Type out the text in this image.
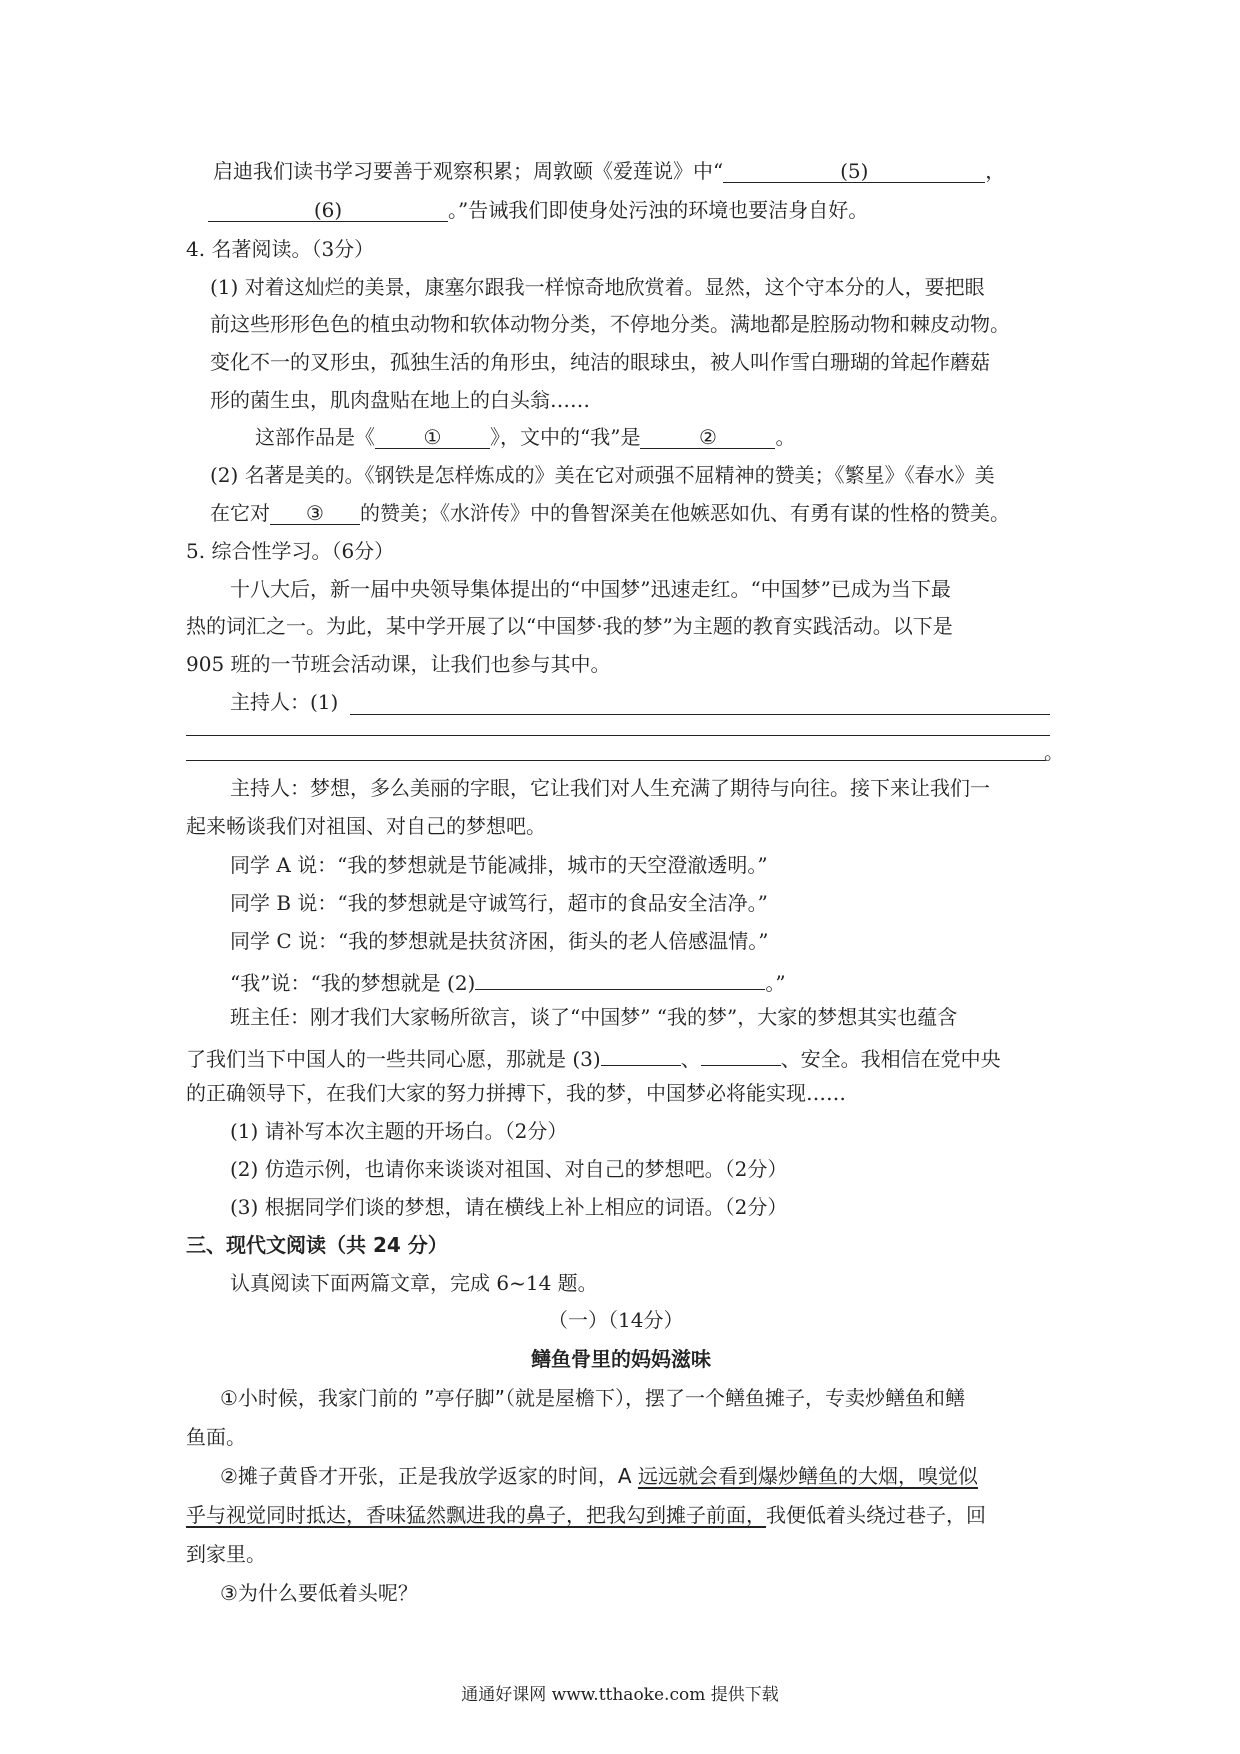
启迪我们读书学习要善于观察积累；周敦颐《爱莲说》中“	(5)	，
(6)	。”告诫我们即使身处污浊的环境也要洁身自好。
4. 名著阅读。（3分）
(1) 对着这灿烂的美景，康塞尔跟我一样惊奇地欣赏着。显然，这个守本分的人，要把眼
前这些形形色色的植虫动物和软体动物分类，不停地分类。满地都是腔肠动物和棘皮动物。
变化不一的叉形虫，孤独生活的角形虫，纯洁的眼球虫，被人叫作雪白珊瑚的耸起作蘑菇
形的菌生虫，肌肉盘贴在地上的白头翁……
这部作品是《 ① 》，文中的“我”是	②	。
(2) 名著是美的。《钢铁是怎样炼成的》美在它对顽强不屈精神的赞美；《繁星》《春水》美
在它对 ③ 的赞美；《水浒传》中的鲁智深美在他嫉恶如仇、有勇有谋的性格的赞美。
5. 综合性学习。（6分）
十八大后，新一届中央领导集体提出的“中国梦”迅速走红。“中国梦”已成为当下最
热的词汇之一。为此，某中学开展了以“中国梦·我的梦”为主题的教育实践活动。以下是
905 班的一节班会活动课，让我们也参与其中。
主持人：(1)
。
主持人：梦想，多么美丽的字眼，它让我们对人生充满了期待与向往。接下来让我们一
起来畅谈我们对祖国、对自己的梦想吧。
同学 A 说：“我的梦想就是节能减排，城市的天空澄澈透明。”
同学 B 说：“我的梦想就是守诚笃行，超市的食品安全洁净。”
同学 C 说：“我的梦想就是扶贫济困，街头的老人倍感温情。”
“我”说：“我的梦想就是 (2)	。”
班主任：刚才我们大家畅所欲言，谈了“中国梦” “我的梦”，大家的梦想其实也蕴含
了我们当下中国人的一些共同心愿，那就是 (3)	、	、安全。我相信在党中央
的正确领导下，在我们大家的努力拼搏下，我的梦，中国梦必将能实现……
(1) 请补写本次主题的开场白。（2分）
(2) 仿造示例，也请你来谈谈对祖国、对自己的梦想吧。（2分）
(3) 根据同学们谈的梦想，请在横线上补上相应的词语。（2分）
三、现代文阅读（共 24 分）
认真阅读下面两篇文章，完成 6~14 题。
（一）（14分）
鳝鱼骨里的妈妈滋味
①小时候，我家门前的 ”亭仔脚”（就是屋檐下），摆了一个鳝鱼摊子，专卖炒鳝鱼和鳝
鱼面。
②摊子黄昏才开张，正是我放学返家的时间，A 远远就会看到爆炒鳝鱼的大烟，嗅觉似
乎与视觉同时抵达，香味猛然飘进我的鼻子，把我勾到摊子前面，我便低着头绕过巷子，回
到家里。
③为什么要低着头呢？
通通好课网 www.tthaoke.com 提供下载
